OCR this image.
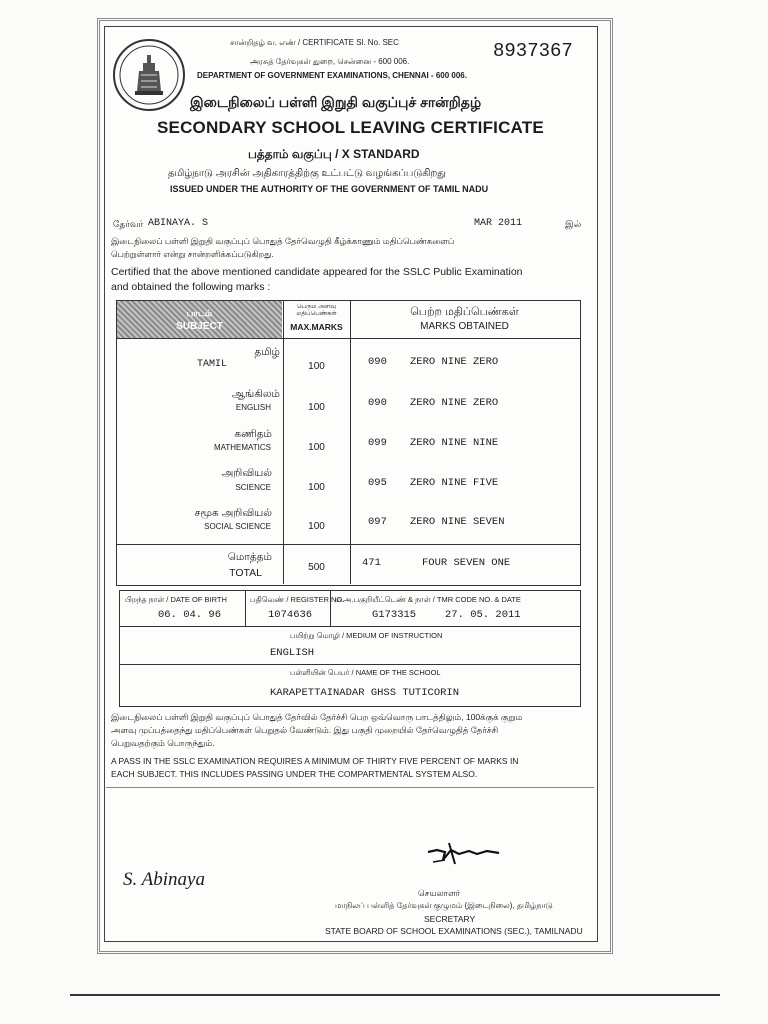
சான்றிதழ் வ. எண் / CERTIFICATE Sl. No. SEC	8937367
அரசுத் தேர்வுகள் துறை, சென்னை - 600 006.
DEPARTMENT OF GOVERNMENT EXAMINATIONS, CHENNAI - 600 006.
இடைநிலைப் பள்ளி இறுதி வகுப்புச் சான்றிதழ்
SECONDARY SCHOOL LEAVING CERTIFICATE
பத்தாம் வகுப்பு / X STANDARD
தமிழ்நாடு அரசின் அதிகாரத்திற்கு உட்பட்டு வழங்கப்படுகிறது
ISSUED UNDER THE AUTHORITY OF THE GOVERNMENT OF TAMIL NADU
தேர்வர் ABINAYA. S	MAR 2011	இல்
இடைநிலைப் பள்ளி இறுதி வகுப்புப் பொதுத் தேர்வெழுதி கீழ்க்காணும் மதிப்பெண்களைப்
பெற்றுள்ளார் என்று சான்றளிக்கப்படுகிறது.
Certified that the above mentioned candidate appeared for the SSLC Public Examination
and obtained the following marks :
பாடம்
SUBJECT
பெரும அளவு மதிப்பெண்கள்
MAX.MARKS
பெற்ற மதிப்பெண்கள்
MARKS OBTAINED
தமிழ்
TAMIL	100	090 ZERO NINE ZERO
ஆங்கிலம்
ENGLISH	100	090 ZERO NINE ZERO
கணிதம்
MATHEMATICS	100	099 ZERO NINE NINE
அறிவியல்
SCIENCE	100	095 ZERO NINE FIVE
சமூக அறிவியல்
SOCIAL SCIENCE	100	097 ZERO NINE SEVEN
மொத்தம்
TOTAL	500	471	FOUR SEVEN ONE
பிறந்த நாள் / DATE OF BIRTH
06. 04. 96
பதிவெண் / REGISTER NO.
1074636
ம.அ.பகுறியீட்டெண் & நாள் / TMR CODE NO. & DATE
G173315	27. 05. 2011
பயிற்று மொழி / MEDIUM OF INSTRUCTION
ENGLISH
பள்ளியின் பெயர் / NAME OF THE SCHOOL
KARAPETTAINADAR GHSS TUTICORIN
இடைநிலைப் பள்ளி இறுதி வகுப்புப் பொதுத் தேர்வில் தேர்ச்சி பெற ஒவ்வொரு பாடத்திலும், 100க்குக் குறும
அளவு முப்பத்தைந்து மதிப்பெண்கள் பெறுதல் வேண்டும். இது பகுதி முறையில் தேர்வெழுதித் தேர்ச்சி
பெறுவதற்கும் பொருந்தும்.
A PASS IN THE SSLC EXAMINATION REQUIRES A MINIMUM OF THIRTY FIVE PERCENT OF MARKS IN
EACH SUBJECT. THIS INCLUDES PASSING UNDER THE COMPARTMENTAL SYSTEM ALSO.
S. Abinaya
செயலாளர்
மாநிலப் பள்ளித் தேர்வுகள் குழுமம் (இடைநிலை), தமிழ்நாடு
SECRETARY
STATE BOARD OF SCHOOL EXAMINATIONS (SEC.), TAMILNADU
